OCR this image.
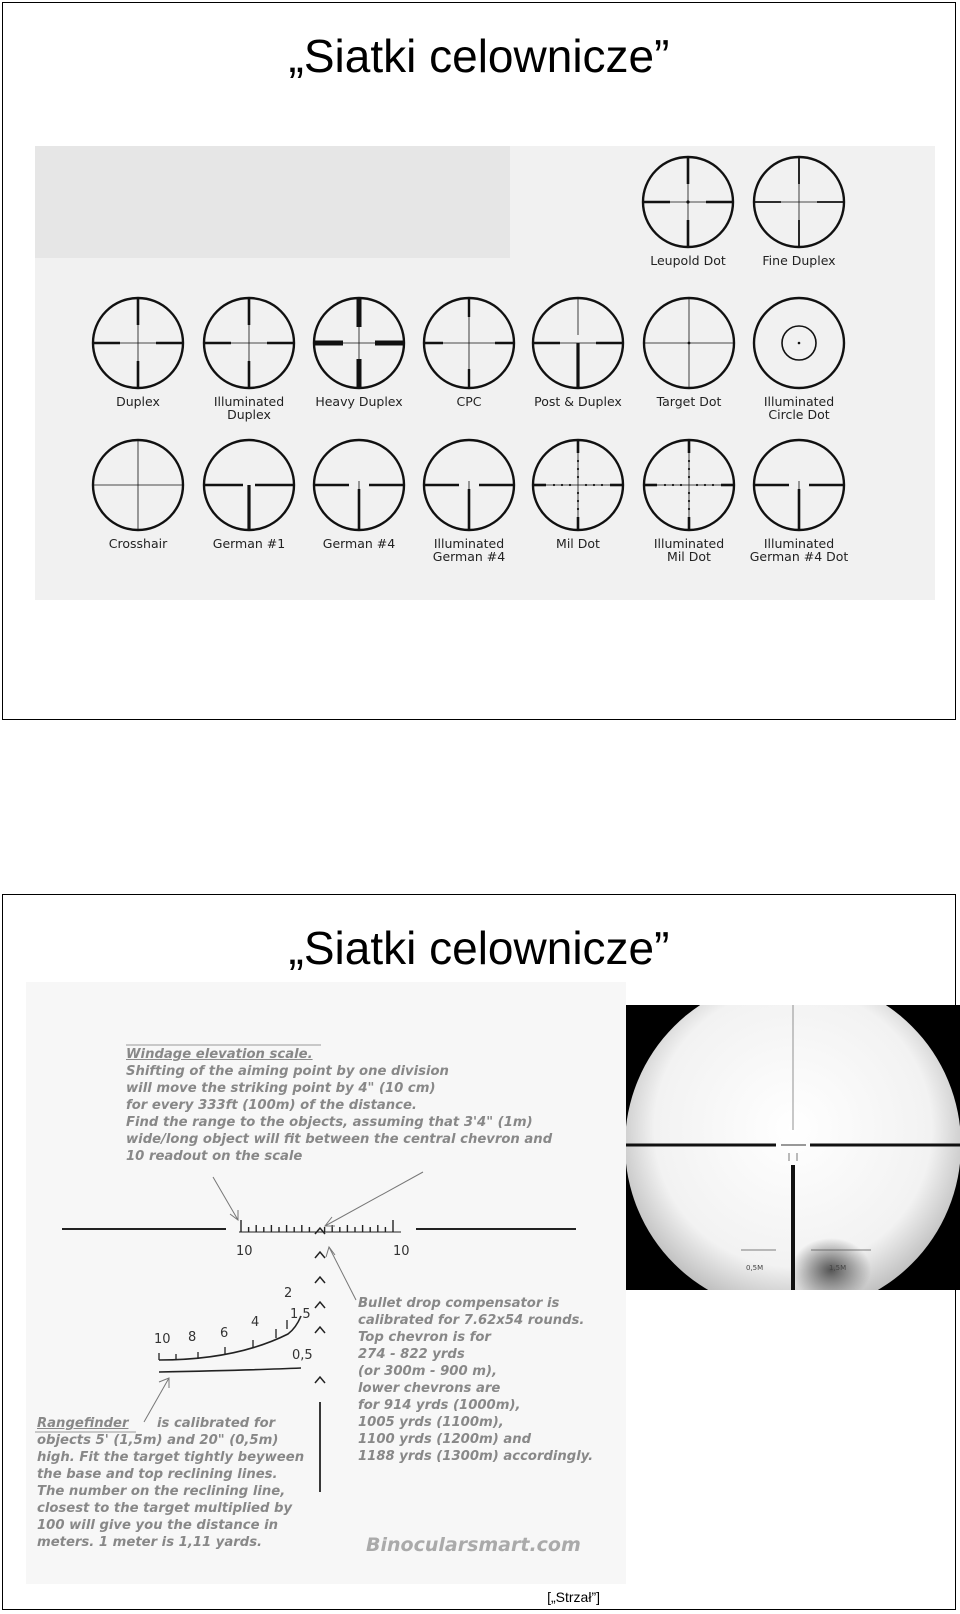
„Siatki celownicze”
Leupold Dot	Fine Duplex
Duplex	Illuminated
Duplex
Heavy Duplex	CPC	Post & Duplex	Target Dot	Illuminated
Circle Dot
Crosshair	German #1	German #4	Illuminated
German #4
Mil Dot	Illuminated
Mil Dot
Illuminated
German #4 Dot
„Siatki celownicze”
Windage elevation scale.
Shifting of the aiming point by one division
will move the striking point by 4" (10 cm)
for every 333ft (100m) of the distance.
Find the range to the objects, assuming that 3'4" (1m)
wide/long object will fit between the central chevron and
10 readout on the scale
10	10
10 8 6
4
2
1,5
0,5
Bullet drop compensator is
calibrated for 7.62x54 rounds.
Top chevron is for
274 - 822 yrds
(or 300m - 900 m),
lower chevrons are
for 914 yrds (1000m),
1005 yrds (1100m),
1100 yrds (1200m) and
1188 yrds (1300m) accordingly.
Rangefinder is calibrated for
objects 5' (1,5m) and 20" (0,5m)
high. Fit the target tightly beyween
the base and top reclining lines.
The number on the reclining line,
closest to the target multiplied by
100 will give you the distance in
meters. 1 meter is 1,11 yards.	Binocularsmart.com
0,5M	1,5M
[„Strzał”]
